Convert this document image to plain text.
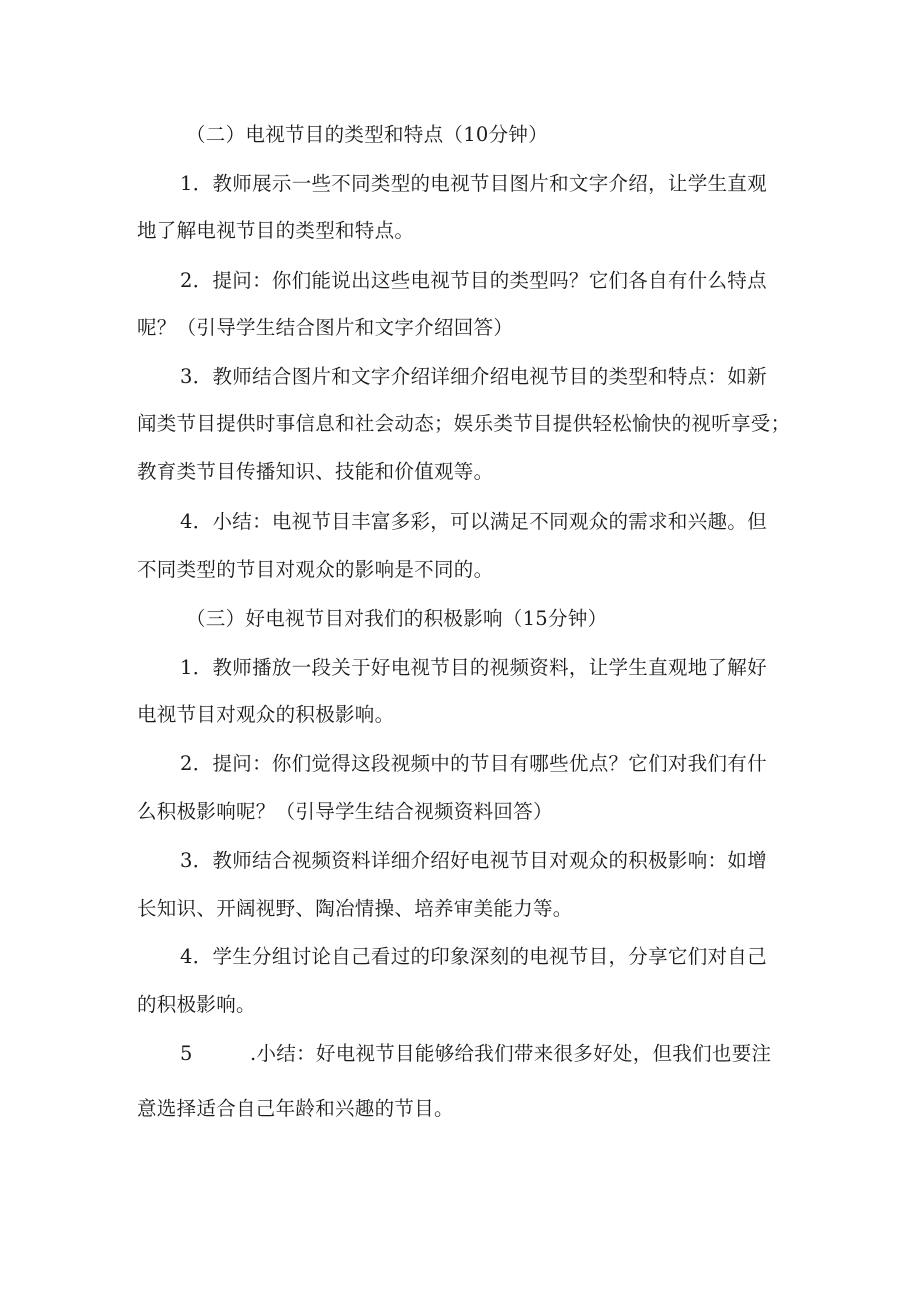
（二）电视节目的类型和特点（10分钟）
1．教师展示一些不同类型的电视节目图片和文字介绍，让学生直观
地了解电视节目的类型和特点。
2．提问：你们能说出这些电视节目的类型吗？它们各自有什么特点
呢？（引导学生结合图片和文字介绍回答）
3．教师结合图片和文字介绍详细介绍电视节目的类型和特点：如新
闻类节目提供时事信息和社会动态；娱乐类节目提供轻松愉快的视听享受；
教育类节目传播知识、技能和价值观等。
4．小结：电视节目丰富多彩，可以满足不同观众的需求和兴趣。但
不同类型的节目对观众的影响是不同的。
（三）好电视节目对我们的积极影响（15分钟）
1．教师播放一段关于好电视节目的视频资料，让学生直观地了解好
电视节目对观众的积极影响。
2．提问：你们觉得这段视频中的节目有哪些优点？它们对我们有什
么积极影响呢？（引导学生结合视频资料回答）
3．教师结合视频资料详细介绍好电视节目对观众的积极影响：如增
长知识、开阔视野、陶冶情操、培养审美能力等。
4．学生分组讨论自己看过的印象深刻的电视节目，分享它们对自己
的积极影响。
5	.小结：好电视节目能够给我们带来很多好处，但我们也要注
意选择适合自己年龄和兴趣的节目。
